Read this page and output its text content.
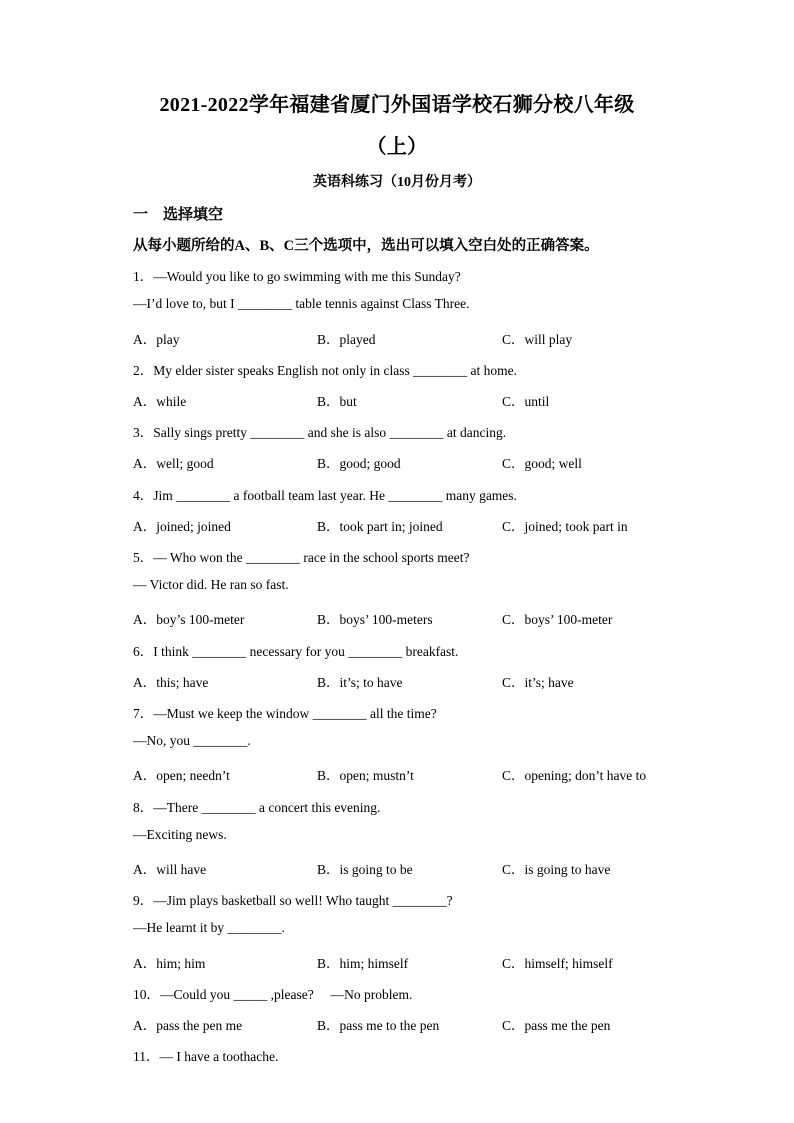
2021-2022学年福建省厦门外国语学校石狮分校八年级
（上）
英语科练习（10月份月考）
一　选择填空
从每小题所给的A、B、C三个选项中，选出可以填入空白处的正确答案。
1．—Would you like to go swimming with me this Sunday?
—I’d love to, but I ________ table tennis against Class Three.
A．play	B．played	C．will play
2．My elder sister speaks English not only in class ________ at home.
A．while	B．but	C．until
3．Sally sings pretty ________ and she is also ________ at dancing.
A．well; good	B．good; good	C．good; well
4．Jim ________ a football team last year. He ________ many games.
A．joined; joined	B．took part in; joined	C．joined; took part in
5．— Who won the ________ race in the school sports meet?
— Victor did. He ran so fast.
A．boy’s 100-meter	B．boys’ 100-meters	C．boys’ 100-meter
6．I think ________ necessary for you ________ breakfast.
A．this; have	B．it’s; to have	C．it’s; have
7．—Must we keep the window ________ all the time?
—No, you ________.
A．open; needn’t	B．open; mustn’t	C．opening; don’t have to
8．—There ________ a concert this evening.
—Exciting news.
A．will have	B．is going to be	C．is going to have
9．—Jim plays basketball so well! Who taught ________?
—He learnt it by ________.
A．him; him	B．him; himself	C．himself; himself
10．—Could you _____ ,please?　 —No problem.
A．pass the pen me	B．pass me to the pen	C．pass me the pen
11．— I have a toothache.
